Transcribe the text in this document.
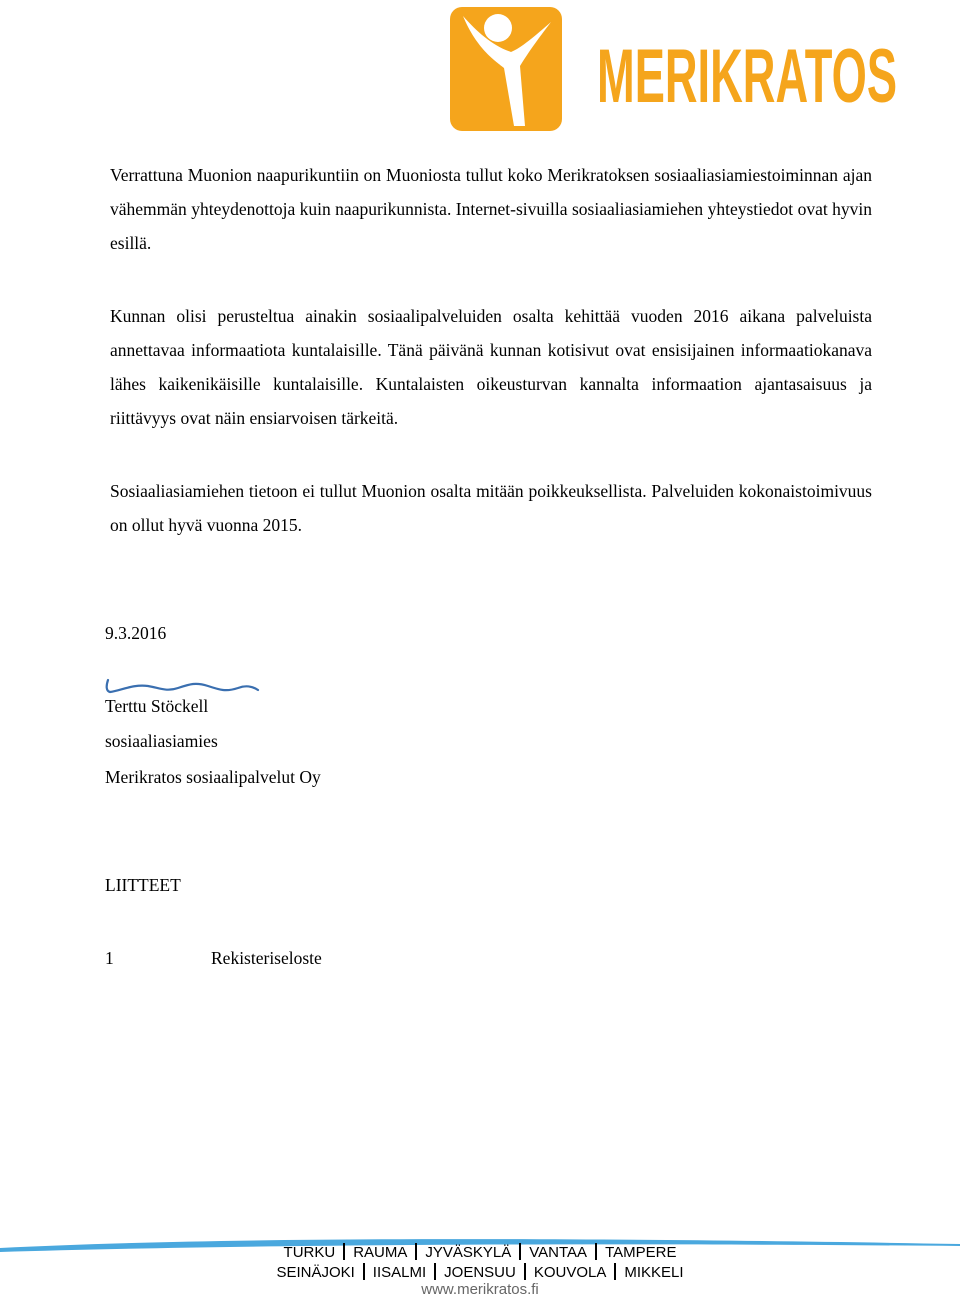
MERIKRATOS

Verrattuna Muonion naapurikuntiin on Muoniosta tullut koko Merikratoksen sosiaaliasiamiestoiminnan ajan vähemmän yhteydenottoja kuin naapurikunnista. Internet-sivuilla sosiaaliasiamiehen yhteystiedot ovat hyvin esillä.

Kunnan olisi perusteltua ainakin sosiaalipalveluiden osalta kehittää vuoden 2016 aikana palveluista annettavaa informaatiota kuntalaisille. Tänä päivänä kunnan kotisivut ovat ensisijainen informaatiokanava lähes kaikenikäisille kuntalaisille. Kuntalaisten oikeusturvan kannalta informaation ajantasaisuus ja riittävyys ovat näin ensiarvoisen tärkeitä.

Sosiaaliasiamiehen tietoon ei tullut Muonion osalta mitään poikkeuksellista. Palveluiden kokonaistoimivuus on ollut hyvä vuonna 2015.

9.3.2016
Terttu Stöckell
sosiaaliasiamies
Merikratos sosiaalipalvelut Oy
LIITTEET
1	Rekisteriseloste
TURKU RAUMA JYVÄSKYLÄ VANTAA TAMPERE
SEINÄJOKI IISALMI JOENSUU KOUVOLA MIKKELI
www.merikratos.fi
